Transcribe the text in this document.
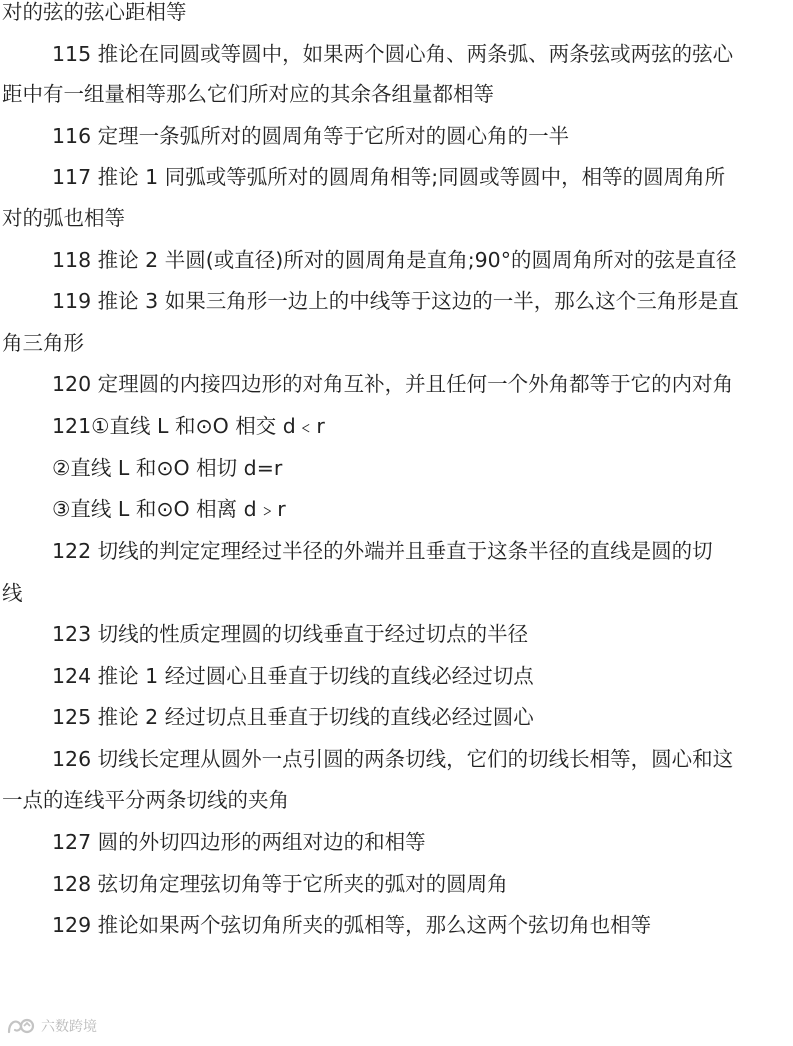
对的弦的弦心距相等
115 推论在同圆或等圆中，如果两个圆心角、两条弧、两条弦或两弦的弦心
距中有一组量相等那么它们所对应的其余各组量都相等
116 定理一条弧所对的圆周角等于它所对的圆心角的一半
117 推论 1 同弧或等弧所对的圆周角相等;同圆或等圆中，相等的圆周角所
对的弧也相等
118 推论 2 半圆(或直径)所对的圆周角是直角;90°的圆周角所对的弦是直径
119 推论 3 如果三角形一边上的中线等于这边的一半，那么这个三角形是直
角三角形
120 定理圆的内接四边形的对角互补，并且任何一个外角都等于它的内对角
121①直线 L 和⊙O 相交 d﹤r
②直线 L 和⊙O 相切 d=r
③直线 L 和⊙O 相离 d﹥r
122 切线的判定定理经过半径的外端并且垂直于这条半径的直线是圆的切
线
123 切线的性质定理圆的切线垂直于经过切点的半径
124 推论 1 经过圆心且垂直于切线的直线必经过切点
125 推论 2 经过切点且垂直于切线的直线必经过圆心
126 切线长定理从圆外一点引圆的两条切线，它们的切线长相等，圆心和这
一点的连线平分两条切线的夹角
127 圆的外切四边形的两组对边的和相等
128 弦切角定理弦切角等于它所夹的弧对的圆周角
129 推论如果两个弦切角所夹的弧相等，那么这两个弦切角也相等
六数跨境
